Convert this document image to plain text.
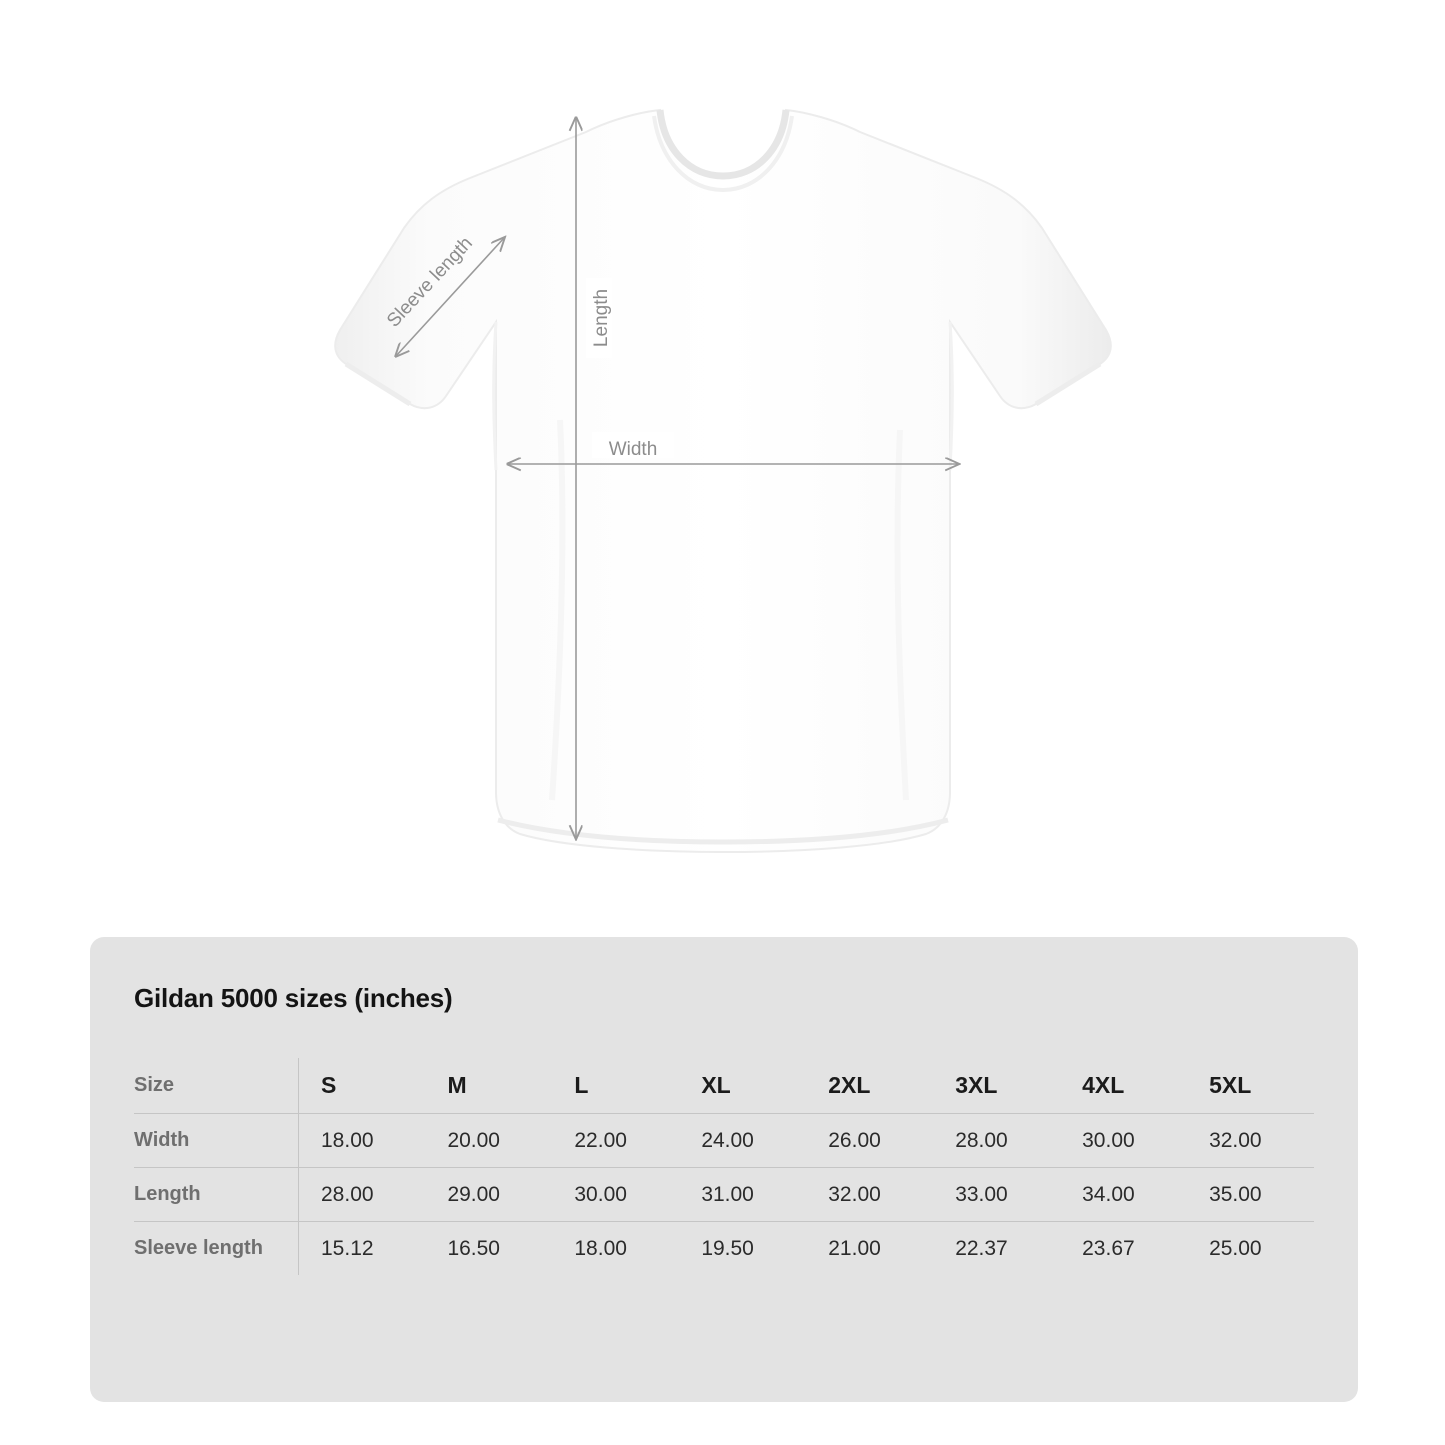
Length
Width
Sleeve length
Gildan 5000 sizes (inches)
Size	S	M	L	XL	2XL	3XL	4XL	5XL
Width	18.00	20.00	22.00	24.00	26.00	28.00	30.00	32.00
Length	28.00	29.00	30.00	31.00	32.00	33.00	34.00	35.00
Sleeve length	15.12	16.50	18.00	19.50	21.00	22.37	23.67	25.00
